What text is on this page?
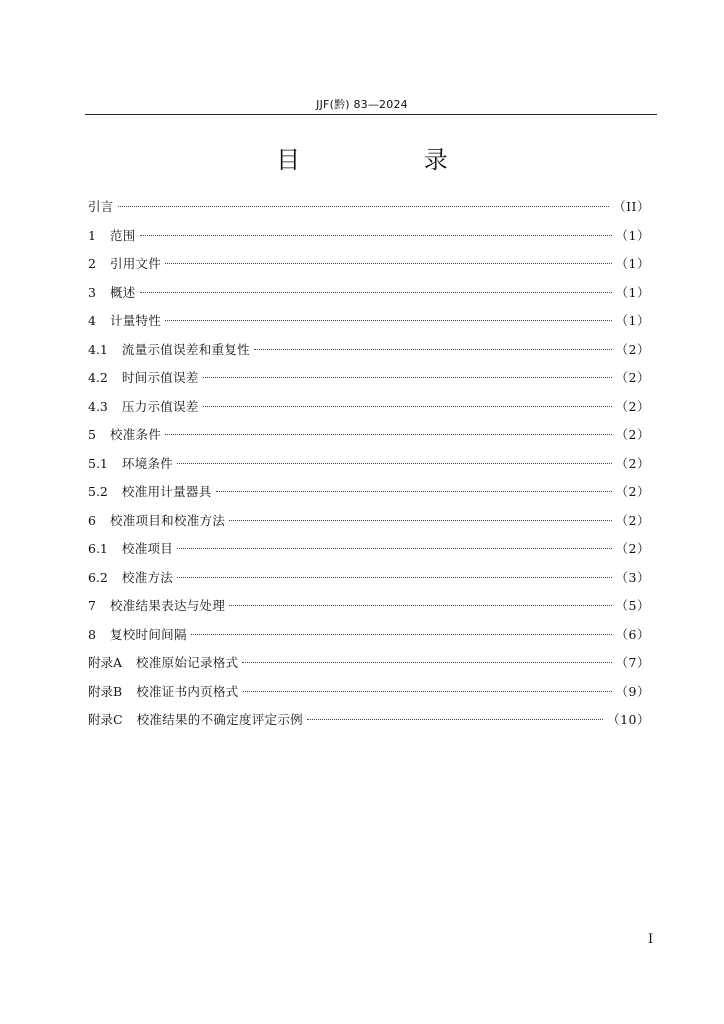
JJF(黔) 83—2024
目 录
引言	（II）
1 范围	（1）
2 引用文件	（1）
3 概述	（1）
4 计量特性	（1）
4.1 流量示值误差和重复性	（2）
4.2 时间示值误差	（2）
4.3 压力示值误差	（2）
5 校准条件	（2）
5.1 环境条件	（2）
5.2 校准用计量器具	（2）
6 校准项目和校准方法	（2）
6.1 校准项目	（2）
6.2 校准方法	（3）
7 校准结果表达与处理	（5）
8 复校时间间隔	（6）
附录A 校准原始记录格式	（7）
附录B 校准证书内页格式	（9）
附录C 校准结果的不确定度评定示例	（10）
I
